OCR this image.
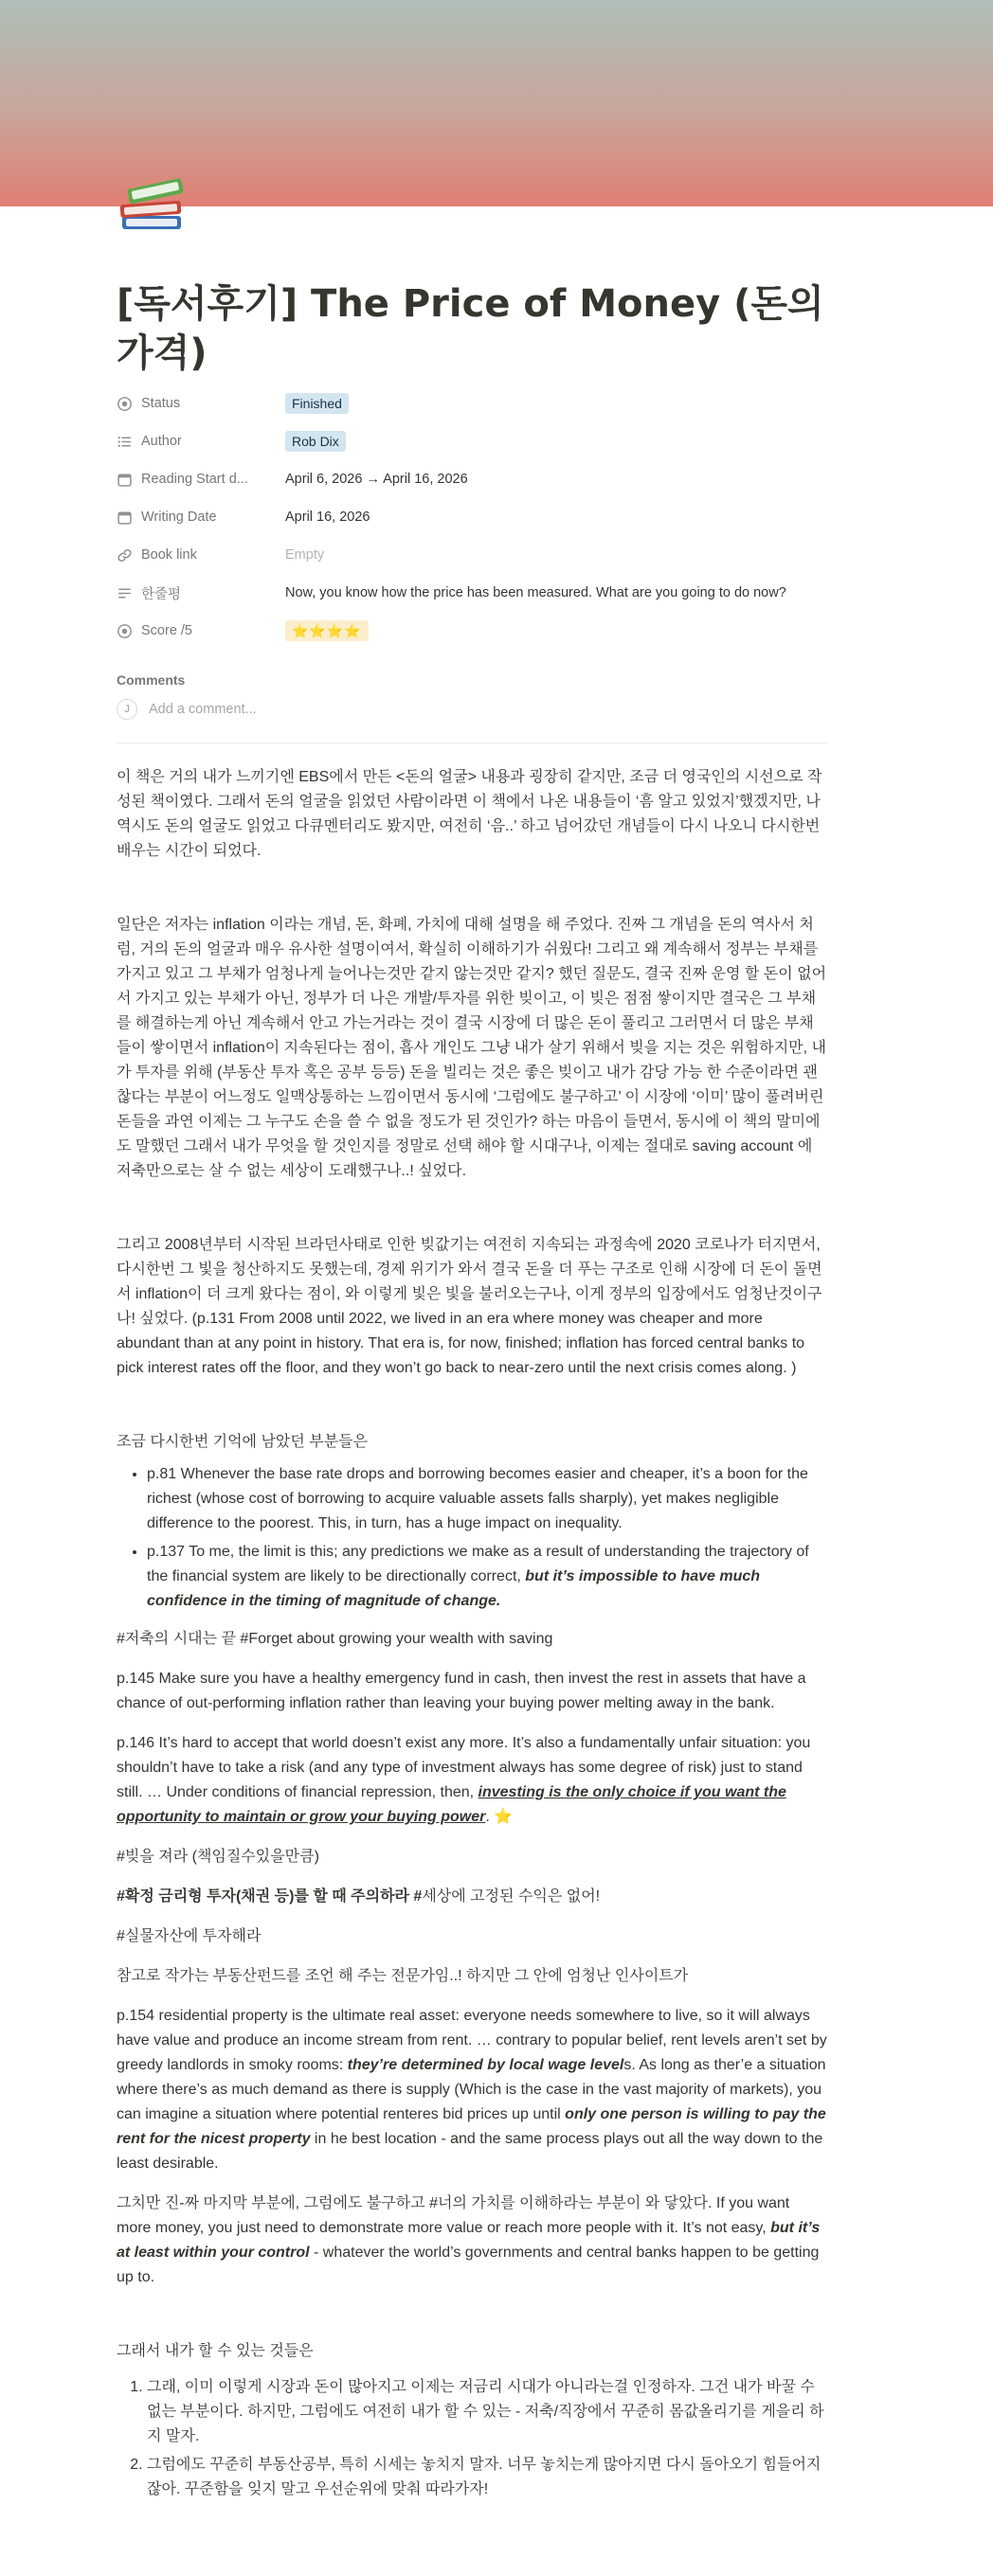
[독서후기] The Price of Money (돈의 가격)
Status	Finished
Author	Rob Dix
Reading Start d...	April 6, 2026 → April 16, 2026
Writing Date	April 16, 2026
Book link	Empty
한줄평	Now, you know how the price has been measured. What are you going to do now?
Score /5	⭐⭐⭐⭐
Comments
J	Add a comment...

이 책은 거의 내가 느끼기엔 EBS에서 만든 <돈의 얼굴> 내용과 굉장히 같지만, 조금 더 영국인의 시선으로 작성된 책이였다. 그래서 돈의 얼굴을 읽었던 사람이라면 이 책에서 나온 내용들이 ‘흠 알고 있었지’했겠지만, 나 역시도 돈의 얼굴도 읽었고 다큐멘터리도 봤지만, 여전히 ‘음..’ 하고 넘어갔던 개념들이 다시 나오니 다시한번 배우는 시간이 되었다.

일단은 저자는 inflation 이라는 개념, 돈, 화폐, 가치에 대해 설명을 해 주었다. 진짜 그 개념을 돈의 역사서 처럼, 거의 돈의 얼굴과 매우 유사한 설명이여서, 확실히 이해하기가 쉬웠다! 그리고 왜 계속해서 정부는 부채를 가지고 있고 그 부채가 엄청나게 늘어나는것만 같지 않는것만 같지? 했던 질문도, 결국 진짜 운영 할 돈이 없어서 가지고 있는 부채가 아닌, 정부가 더 나은 개발/투자를 위한 빚이고, 이 빚은 점점 쌓이지만 결국은 그 부채를 해결하는게 아닌 계속해서 안고 가는거라는 것이 결국 시장에 더 많은 돈이 풀리고 그러면서 더 많은 부채들이 쌓이면서 inflation이 지속된다는 점이, 흡사 개인도 그냥 내가 살기 위해서 빚을 지는 것은 위험하지만, 내가 투자를 위해 (부동산 투자 혹은 공부 등등) 돈을 빌리는 것은 좋은 빚이고 내가 감당 가능 한 수준이라면 괜찮다는 부분이 어느정도 일맥상통하는 느낌이면서 동시에 ‘그럼에도 불구하고’ 이 시장에 ‘이미’ 많이 풀려버린 돈들을 과연 이제는 그 누구도 손을 쓸 수 없을 정도가 된 것인가? 하는 마음이 들면서, 동시에 이 책의 말미에도 말했던 그래서 내가 무엇을 할 것인지를 정말로 선택 해야 할 시대구나, 이제는 절대로 saving account 에 저축만으로는 살 수 없는 세상이 도래했구나..! 싶었다.

그리고 2008년부터 시작된 브라던사태로 인한 빚값기는 여전히 지속되는 과정속에 2020 코로나가 터지면서, 다시한번 그 빛을 청산하지도 못했는데, 경제 위기가 와서 결국 돈을 더 푸는 구조로 인해 시장에 더 돈이 돌면서 inflation이 더 크게 왔다는 점이, 와 이렇게 빛은 빛을 불러오는구나, 이게 정부의 입장에서도 엄청난것이구나! 싶었다. (p.131 From 2008 until 2022, we lived in an era where money was cheaper and more abundant than at any point in history. That era is, for now, finished; inflation has forced central banks to pick interest rates off the floor, and they won’t go back to near-zero until the next crisis comes along. )

조금 다시한번 기억에 남았던 부분들은

• p.81 Whenever the base rate drops and borrowing becomes easier and cheaper, it’s a boon for the richest (whose cost of borrowing to acquire valuable assets falls sharply), yet makes negligible difference to the poorest. This, in turn, has a huge impact on inequality.
• p.137 To me, the limit is this; any predictions we make as a result of understanding the trajectory of the financial system are likely to be directionally correct, but it’s impossible to have much confidence in the timing of magnitude of change.

#저축의 시대는 끝 #Forget about growing your wealth with saving

p.145 Make sure you have a healthy emergency fund in cash, then invest the rest in assets that have a chance of out-performing inflation rather than leaving your buying power melting away in the bank.

p.146 It’s hard to accept that world doesn’t exist any more. It’s also a fundamentally unfair situation: you shouldn’t have to take a risk (and any type of investment always has some degree of risk) just to stand still. … Under conditions of financial repression, then, investing is the only choice if you want the opportunity to maintain or grow your buying power. ⭐

#빚을 져라 (책임질수있을만큼)

#확정 금리형 투자(채권 등)를 할 때 주의하라 #세상에 고정된 수익은 없어!

#실물자산에 투자해라

참고로 작가는 부동산펀드를 조언 해 주는 전문가임..! 하지만 그 안에 엄청난 인사이트가

p.154 residential property is the ultimate real asset: everyone needs somewhere to live, so it will always have value and produce an income stream from rent. … contrary to popular belief, rent levels aren’t set by greedy landlords in smoky rooms: they’re determined by local wage levels. As long as ther’e a situation where there’s as much demand as there is supply (Which is the case in the vast majority of markets), you can imagine a situation where potential renteres bid prices up until only one person is willing to pay the rent for the nicest property in he best location - and the same process plays out all the way down to the least desirable.

그치만 진-짜 마지막 부분에, 그럼에도 불구하고 #너의 가치를 이해하라는 부분이 와 닿았다. If you want more money, you just need to demonstrate more value or reach more people with it. It’s not easy, but it’s at least within your control - whatever the world’s governments and central banks happen to be getting up to.

그래서 내가 할 수 있는 것들은

1. 그래, 이미 이렇게 시장과 돈이 많아지고 이제는 저금리 시대가 아니라는걸 인정하자. 그건 내가 바꿀 수 없는 부분이다. 하지만, 그럼에도 여전히 내가 할 수 있는 - 저축/직장에서 꾸준히 몸값올리기를 게을리 하지 말자.
2. 그럼에도 꾸준히 부동산공부, 특히 시세는 놓치지 말자. 너무 놓치는게 많아지면 다시 돌아오기 힘들어지잖아. 꾸준함을 잊지 말고 우선순위에 맞춰 따라가자!
